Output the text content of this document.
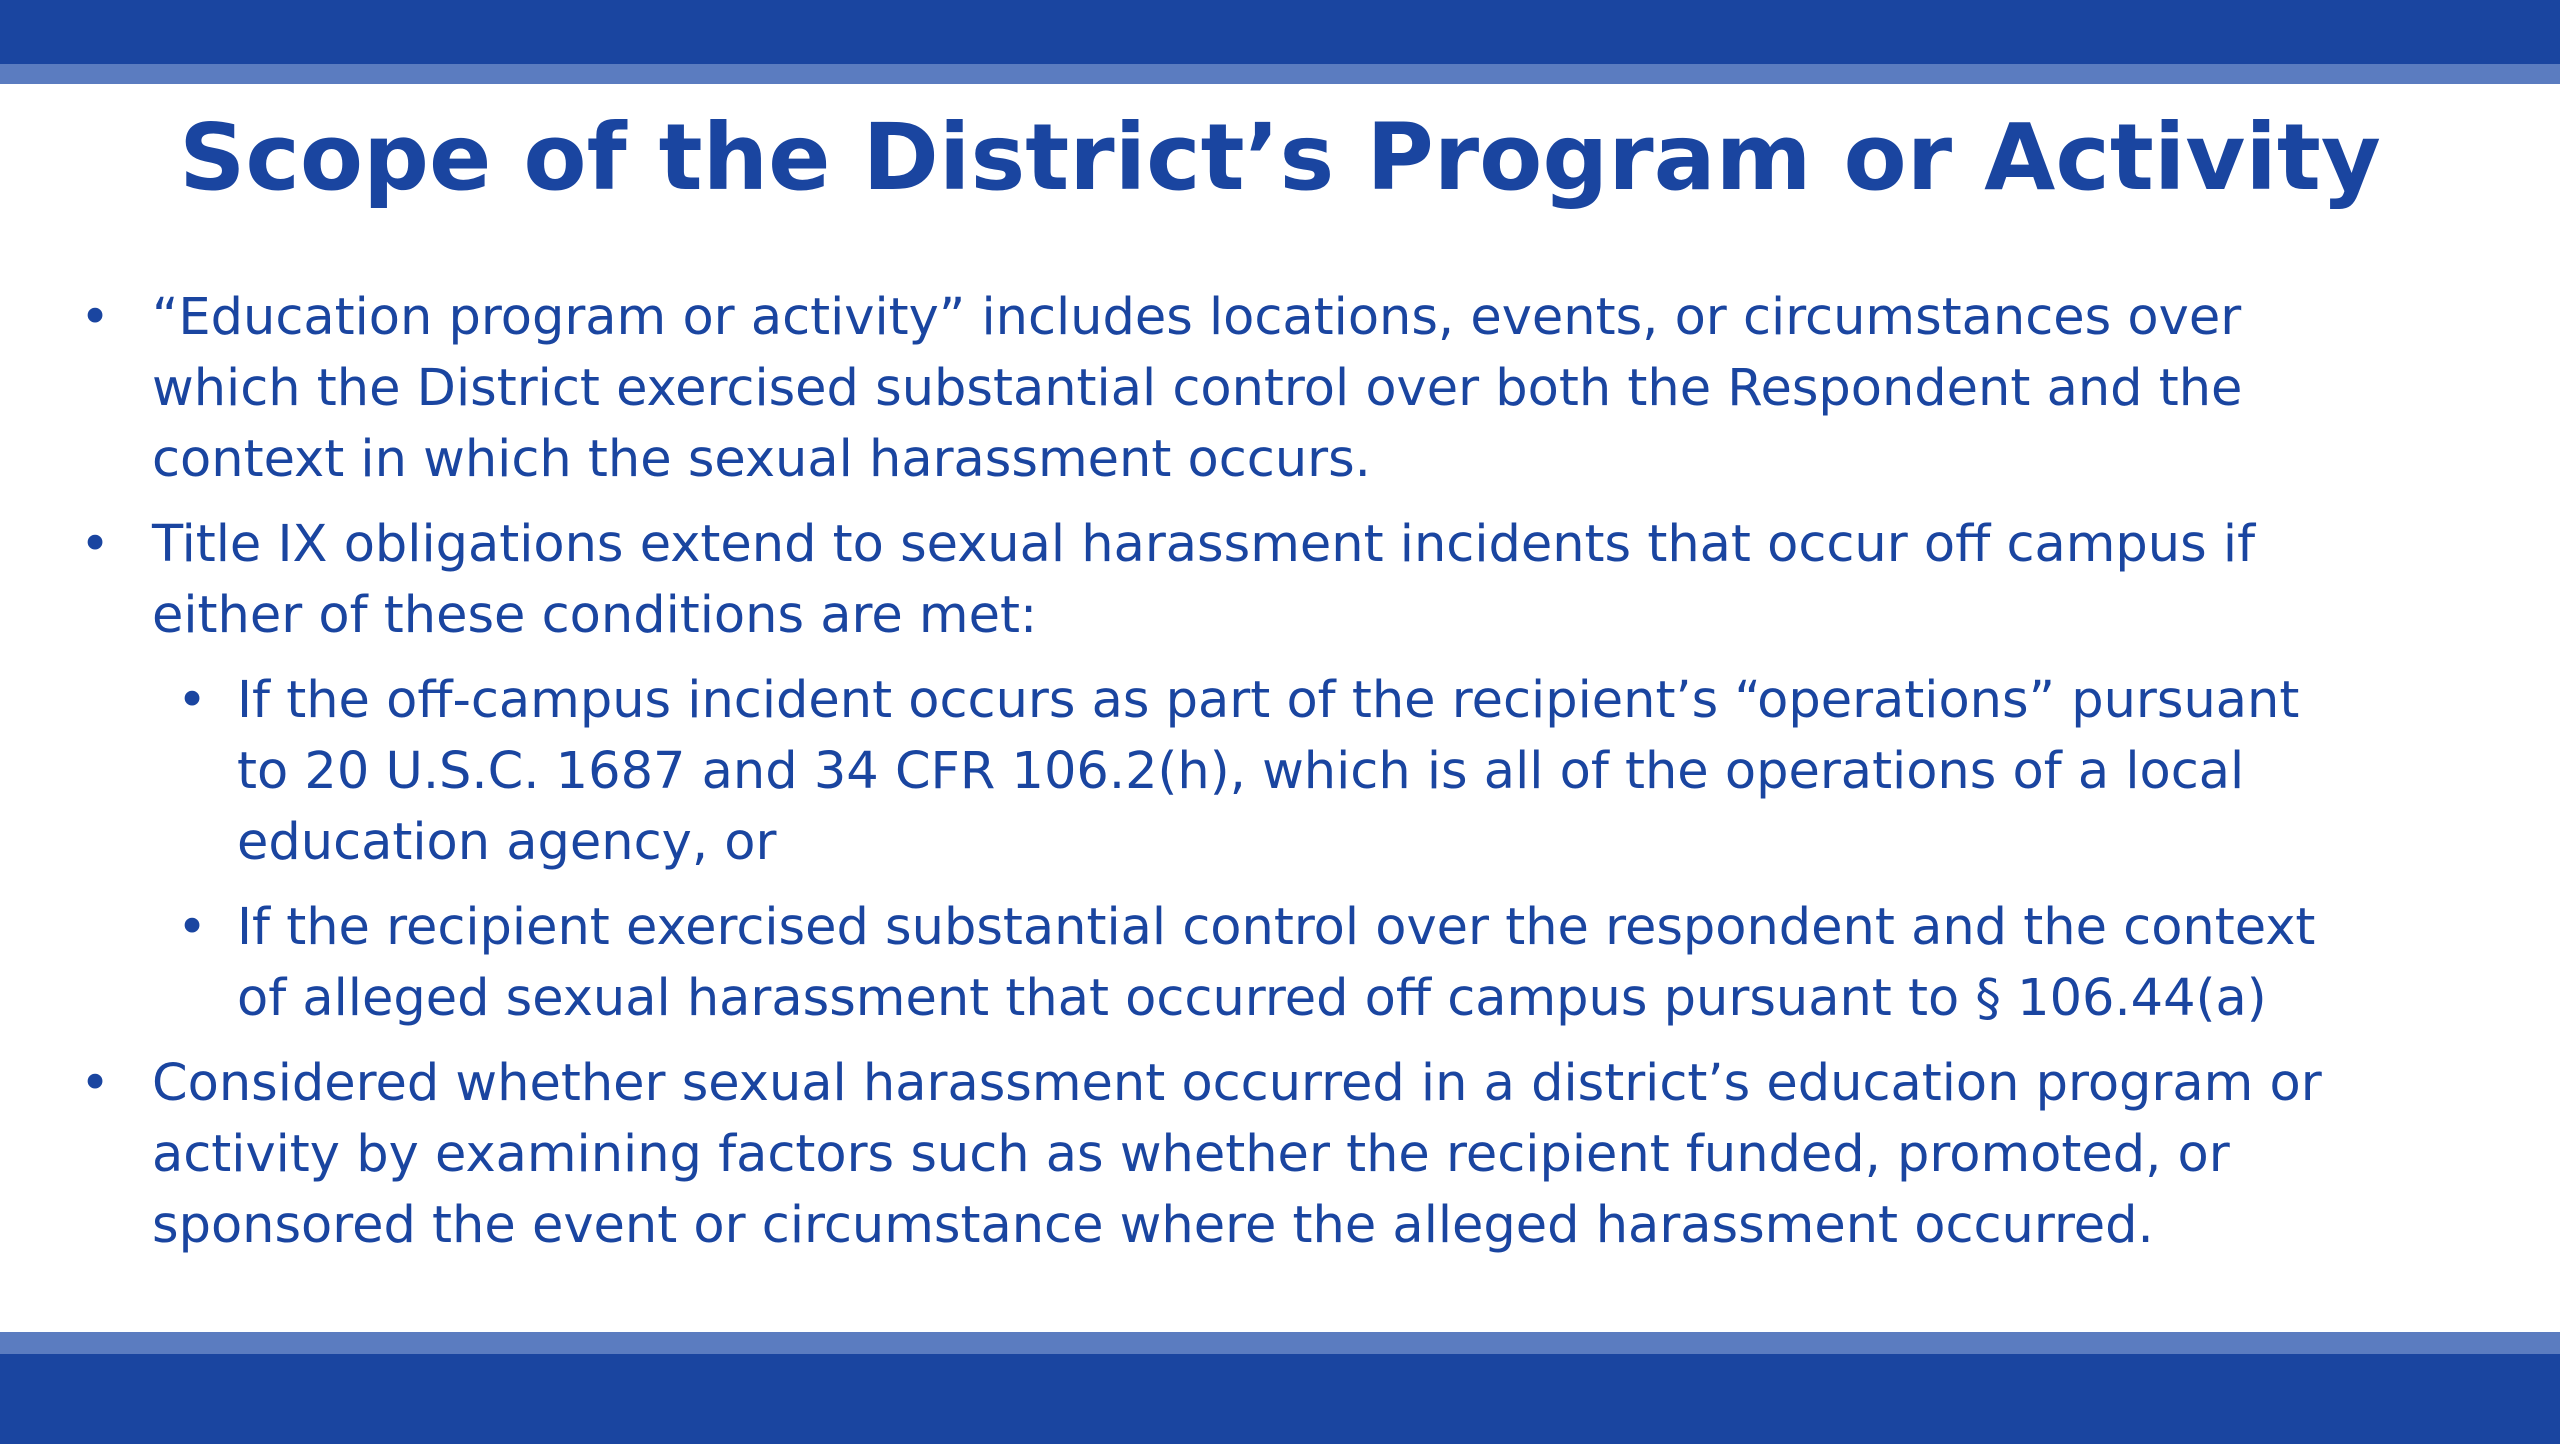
Scope of the District’s Program or Activity
• “Education program or activity” includes locations, events, or circumstances over
which the District exercised substantial control over both the Respondent and the
context in which the sexual harassment occurs.
• Title IX obligations extend to sexual harassment incidents that occur off campus if
either of these conditions are met:
• If the off-campus incident occurs as part of the recipient’s “operations” pursuant
to 20 U.S.C. 1687 and 34 CFR 106.2(h), which is all of the operations of a local
education agency, or
• If the recipient exercised substantial control over the respondent and the context
of alleged sexual harassment that occurred off campus pursuant to § 106.44(a)
• Considered whether sexual harassment occurred in a district’s education program or
activity by examining factors such as whether the recipient funded, promoted, or
sponsored the event or circumstance where the alleged harassment occurred.
